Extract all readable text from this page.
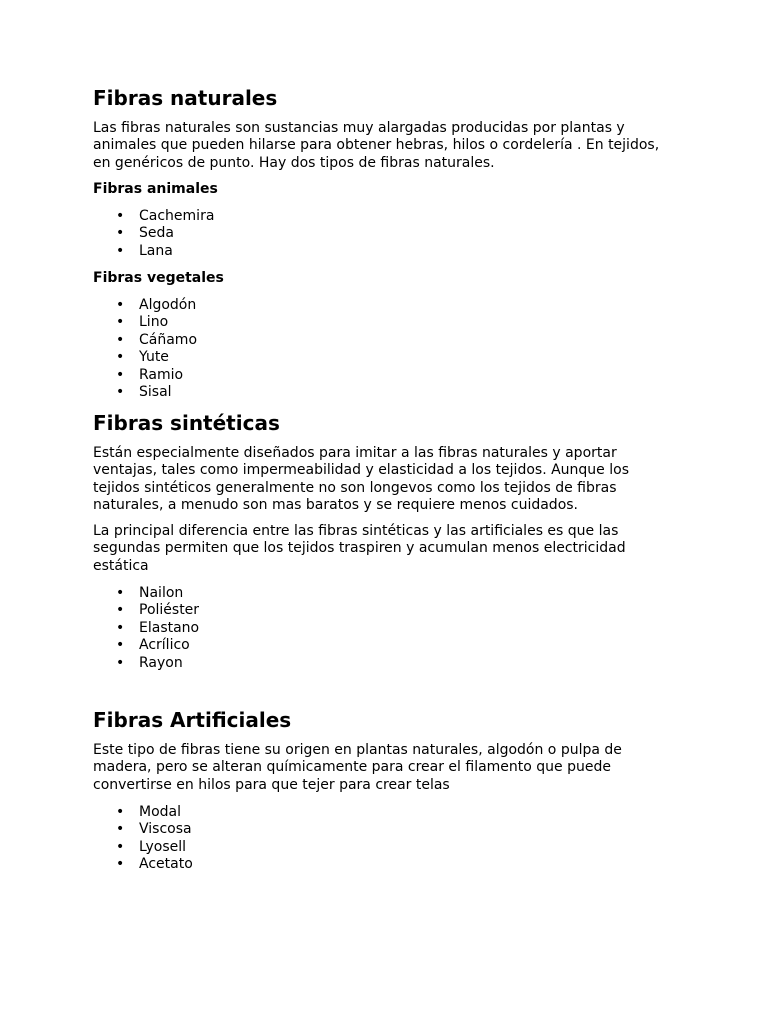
Fibras naturales

Las fibras naturales son sustancias muy alargadas producidas por plantas y
animales que pueden hilarse para obtener hebras, hilos o cordelería . En tejidos,
en genéricos de punto. Hay dos tipos de fibras naturales.

Fibras animales
• Cachemira
• Seda
• Lana
Fibras vegetales
• Algodón
• Lino
• Cáñamo
• Yute
• Ramio
• Sisal
Fibras sintéticas

Están especialmente diseñados para imitar a las fibras naturales y aportar
ventajas, tales como impermeabilidad y elasticidad a los tejidos. Aunque los
tejidos sintéticos generalmente no son longevos como los tejidos de fibras
naturales, a menudo son mas baratos y se requiere menos cuidados.

La principal diferencia entre las fibras sintéticas y las artificiales es que las
segundas permiten que los tejidos traspiren y acumulan menos electricidad
estática

• Nailon
• Poliéster
• Elastano
• Acrílico
• Rayon
Fibras Artificiales

Este tipo de fibras tiene su origen en plantas naturales, algodón o pulpa de
madera, pero se alteran químicamente para crear el filamento que puede
convertirse en hilos para que tejer para crear telas

• Modal
• Viscosa
• Lyosell
• Acetato
